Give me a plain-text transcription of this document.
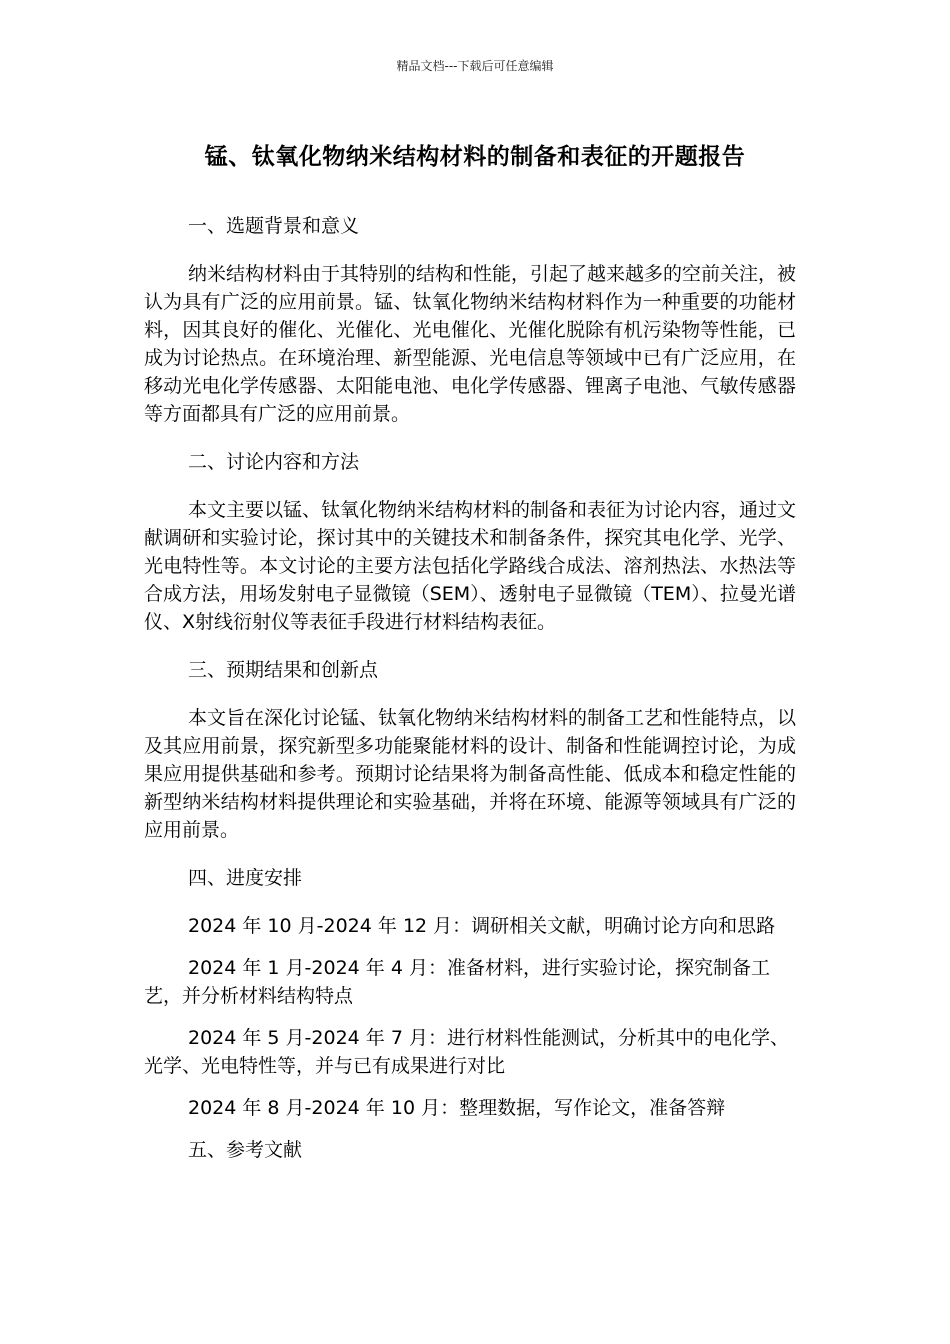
精品文档---下载后可任意编辑
锰、钛氧化物纳米结构材料的制备和表征的开题报告

一、选题背景和意义

纳米结构材料由于其特别的结构和性能，引起了越来越多的空前关注，被认为具有广泛的应用前景。锰、钛氧化物纳米结构材料作为一种重要的功能材料，因其良好的催化、光催化、光电催化、光催化脱除有机污染物等性能，已成为讨论热点。在环境治理、新型能源、光电信息等领域中已有广泛应用，在移动光电化学传感器、太阳能电池、电化学传感器、锂离子电池、气敏传感器等方面都具有广泛的应用前景。

二、讨论内容和方法

本文主要以锰、钛氧化物纳米结构材料的制备和表征为讨论内容，通过文献调研和实验讨论，探讨其中的关键技术和制备条件，探究其电化学、光学、光电特性等。本文讨论的主要方法包括化学路线合成法、溶剂热法、水热法等合成方法，用场发射电子显微镜（SEM）、透射电子显微镜（TEM）、拉曼光谱仪、X射线衍射仪等表征手段进行材料结构表征。

三、预期结果和创新点

本文旨在深化讨论锰、钛氧化物纳米结构材料的制备工艺和性能特点，以及其应用前景，探究新型多功能聚能材料的设计、制备和性能调控讨论，为成果应用提供基础和参考。预期讨论结果将为制备高性能、低成本和稳定性能的新型纳米结构材料提供理论和实验基础，并将在环境、能源等领域具有广泛的应用前景。

四、进度安排

2024 年 10 月-2024 年 12 月：调研相关文献，明确讨论方向和思路

2024 年 1 月-2024 年 4 月：准备材料，进行实验讨论，探究制备工艺，并分析材料结构特点

2024 年 5 月-2024 年 7 月：进行材料性能测试，分析其中的电化学、光学、光电特性等，并与已有成果进行对比

2024 年 8 月-2024 年 10 月：整理数据，写作论文，准备答辩

五、参考文献
